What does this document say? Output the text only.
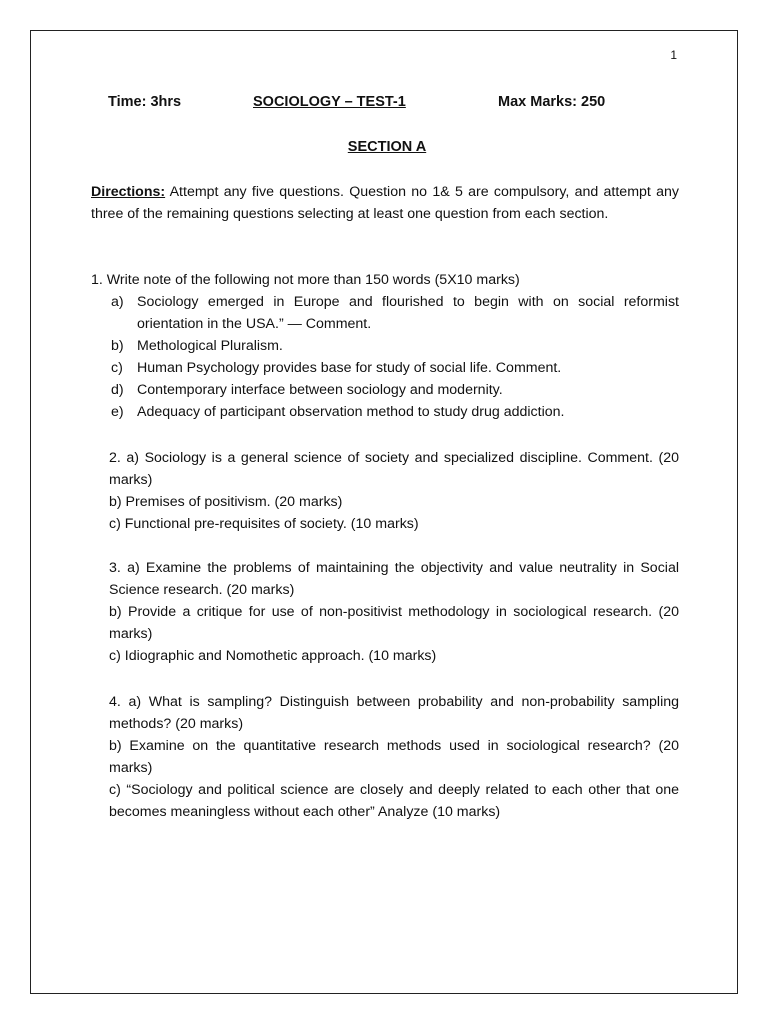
1
Time: 3hrs	SOCIOLOGY – TEST-1	Max Marks: 250
SECTION A
Directions: Attempt any five questions. Question no 1& 5 are compulsory, and attempt any three of the remaining questions selecting at least one question from each section.
1. Write note of the following not more than 150 words (5X10 marks)
a) Sociology emerged in Europe and flourished to begin with on social reformist orientation in the USA.” — Comment.
b) Methological Pluralism.
c) Human Psychology provides base for study of social life. Comment.
d) Contemporary interface between sociology and modernity.
e) Adequacy of participant observation method to study drug addiction.

2. a) Sociology is a general science of society and specialized discipline. Comment. (20 marks)

b) Premises of positivism. (20 marks)

c) Functional pre-requisites of society. (10 marks)

3. a) Examine the problems of maintaining the objectivity and value neutrality in Social Science research. (20 marks)

b) Provide a critique for use of non-positivist methodology in sociological research. (20 marks)

c) Idiographic and Nomothetic approach. (10 marks)

4. a) What is sampling? Distinguish between probability and non-probability sampling methods? (20 marks)

b) Examine on the quantitative research methods used in sociological research? (20 marks)

c) “Sociology and political science are closely and deeply related to each other that one becomes meaningless without each other” Analyze (10 marks)
